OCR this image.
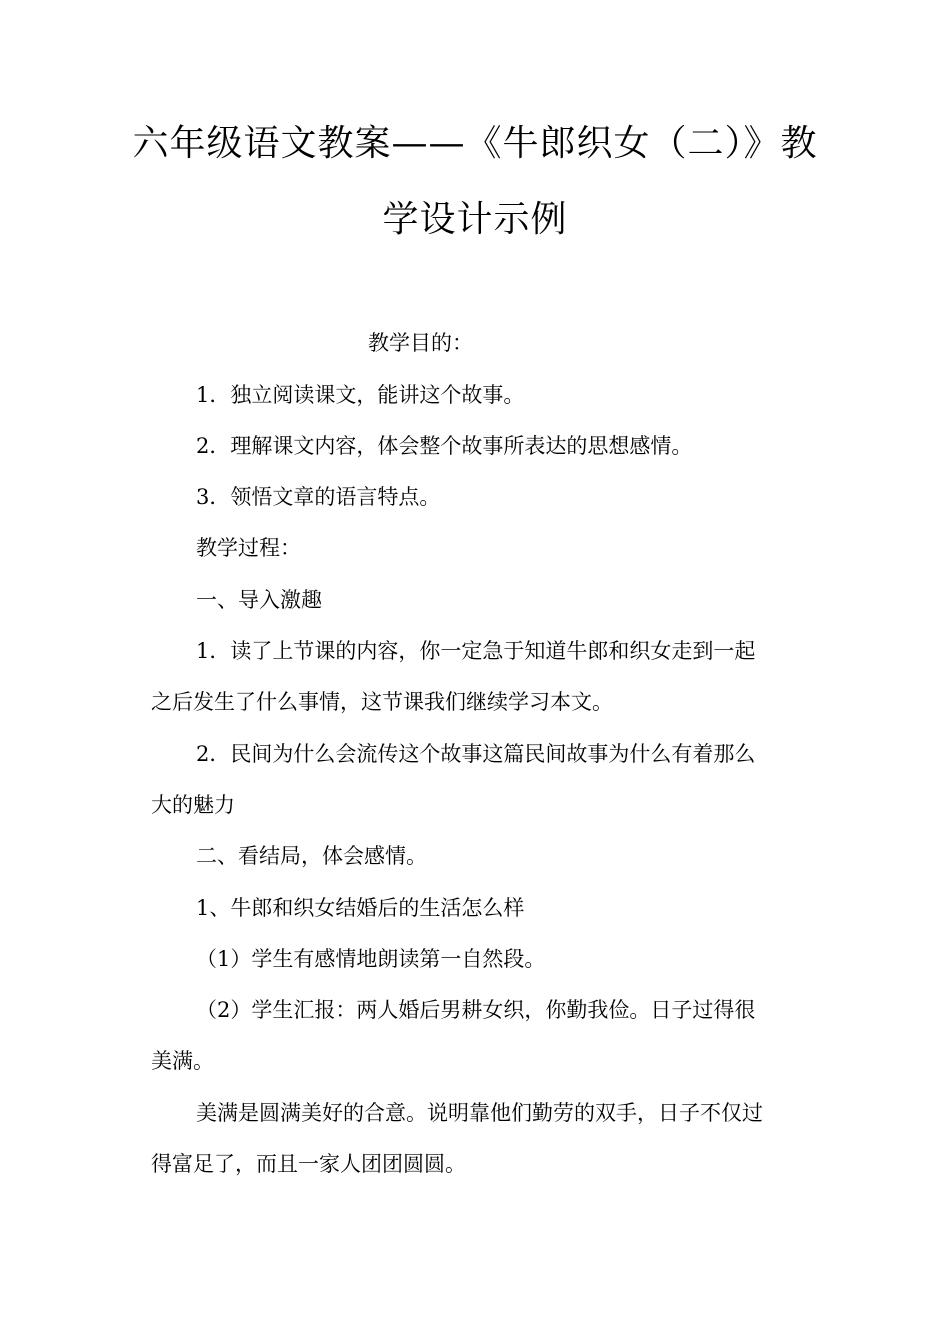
六年级语文教案——《牛郎织女（二）》教
学设计示例
教学目的：
1．独立阅读课文，能讲这个故事。
2．理解课文内容，体会整个故事所表达的思想感情。
3．领悟文章的语言特点。
教学过程：
一、导入激趣
1．读了上节课的内容，你一定急于知道牛郎和织女走到一起
之后发生了什么事情，这节课我们继续学习本文。
2．民间为什么会流传这个故事这篇民间故事为什么有着那么
大的魅力
二、看结局，体会感情。
1、牛郎和织女结婚后的生活怎么样
（1）学生有感情地朗读第一自然段。
（2）学生汇报：两人婚后男耕女织，你勤我俭。日子过得很
美满。
美满是圆满美好的合意。说明靠他们勤劳的双手，日子不仅过
得富足了，而且一家人团团圆圆。
